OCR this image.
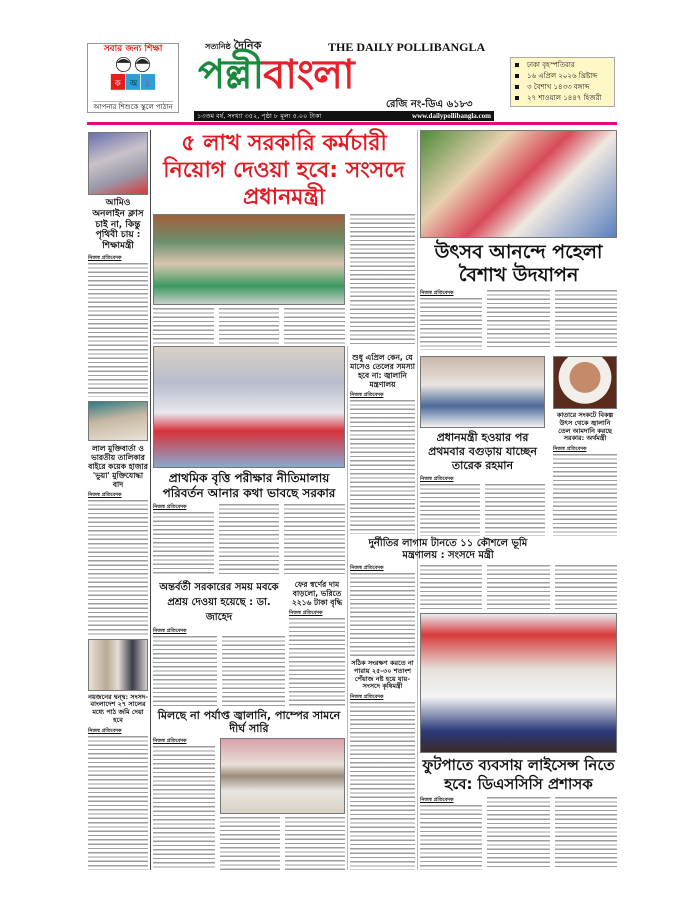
সবার জন্য শিক্ষা
ক অ ১
আপনার শিশুকে স্কুলে পাঠান
সত্যনিষ্ঠ দৈনিক	THE DAILY POLLIBANGLA
পল্লীবাংলা
রেজি নং-ডিএ ৬১৮৩
১৩তম বর্ষ, সংখ্যা ৩৫২, পৃষ্ঠা ৮ মূল্য ৫.০০ টাকা	www.dailypollibangla.com
ঢাকা বৃহস্পতিবার
১৬ এপ্রিল ২০২৬ খ্রিষ্টাব্দ
৩ বৈশাখ ১৪৩৩ বঙ্গাব্দ
২৭ শাওয়াল ১৪৪৭ হিজরী
আমিও অনলাইন ক্লাস চাই না, কিন্তু পৃথিবী চায় : শিক্ষামন্ত্রী
নিজস্ব প্রতিবেদক
লাল মুক্তিবার্তা ও ভারতীয় তালিকার বাইরে কয়েক হাজার 'ভুয়া' মুক্তিযোদ্ধা বাদ
নিজস্ব প্রতিবেদক
নয়জনের দ্বন্দ্ব: সংসদ-বাংলাদেশ ২৭ সালের মধ্যে পাঠ জমি দেয়া হবে
নিজস্ব প্রতিবেদক
৫ লাখ সরকারি কর্মচারী নিয়োগ দেওয়া হবে: সংসদে প্রধানমন্ত্রী
উৎসব আনন্দে পহেলা বৈশাখ উদযাপন
নিজস্ব প্রতিবেদক
প্রধানমন্ত্রী হওয়ার পর প্রথমবার বগুড়ায় যাচ্ছেন তারেক রহমান
নিজস্ব প্রতিবেদক
কাতারে সংকটে বিকল্প উৎস থেকে জ্বালানি তেল আমদানি করছে সরকার: অর্থমন্ত্রী
নিজস্ব প্রতিবেদক
প্রাথমিক বৃত্তি পরীক্ষার নীতিমালায় পরিবর্তন আনার কথা ভাবছে সরকার
নিজস্ব প্রতিবেদক
শুধু এপ্রিল কেন, যে মাসেও তেলের সমস্যা হবে না: জ্বালানি মন্ত্রণালয়
নিজস্ব প্রতিবেদক
দুর্নীতির লাগাম টানতে ১১ কৌশলে ভূমি মন্ত্রণালয় : সংসদে মন্ত্রী
নিজস্ব প্রতিবেদক
সঠিক সংরক্ষণ করতে না পারায় ২৫-৩০ শতাংশ পেঁয়াজ নষ্ট হয়ে যায়-সংসদে কৃষিমন্ত্রী
নিজস্ব প্রতিবেদক
ফুটপাতে ব্যবসায় লাইসেন্স নিতে হবে: ডিএসসিসি প্রশাসক
নিজস্ব প্রতিবেদক
অন্তর্বর্তী সরকারের সময় মবকে প্রশ্রয় দেওয়া হয়েছে : ডা. জাহেদ
নিজস্ব প্রতিবেদক
ফের স্বর্ণের দাম বাড়লো, ভরিতে ২২১৬ টাকা বৃদ্ধি
নিজস্ব প্রতিবেদক
মিলছে না পর্যাপ্ত জ্বালানি, পাম্পের সামনে দীর্ঘ সারি
নিজস্ব প্রতিবেদক
